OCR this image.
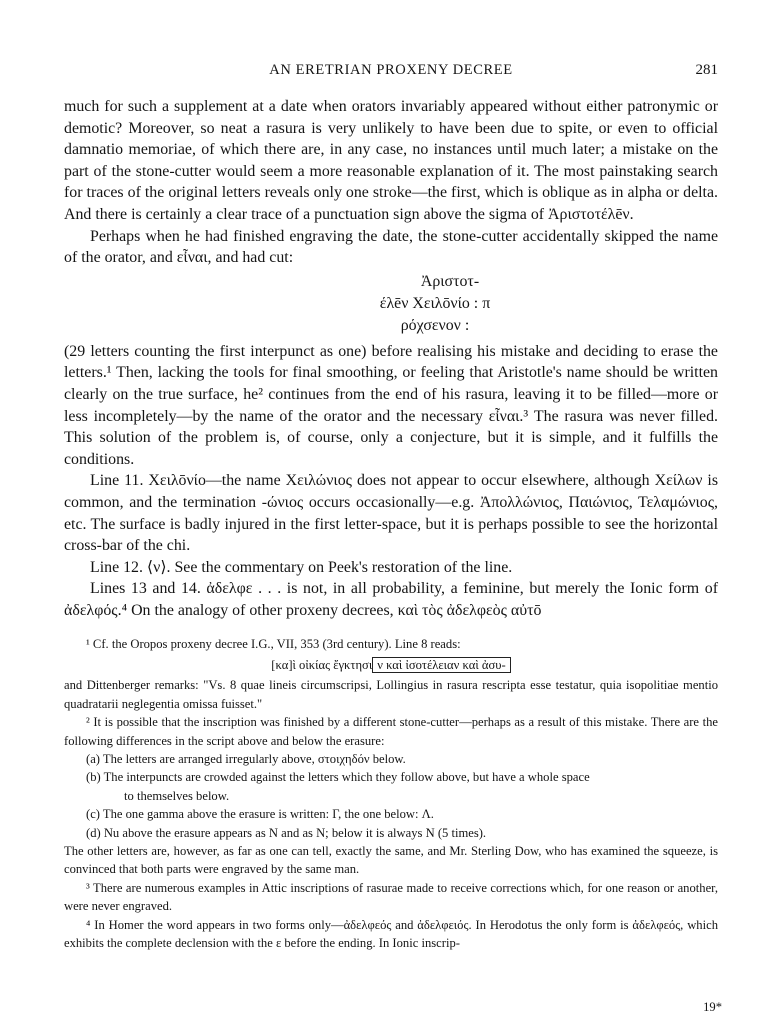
AN ERETRIAN PROXENY DECREE	281

much for such a supplement at a date when orators invariably appeared without either patronymic or demotic? Moreover, so neat a rasura is very unlikely to have been due to spite, or even to official damnatio memoriae, of which there are, in any case, no instances until much later; a mistake on the part of the stone-cutter would seem a more reasonable explanation of it. The most painstaking search for traces of the original letters reveals only one stroke—the first, which is oblique as in alpha or delta. And there is certainly a clear trace of a punctuation sign above the sigma of Ἀριστοτέλēν.

Perhaps when he had finished engraving the date, the stone-cutter accidentally skipped the name of the orator, and εἶναι, and had cut:

Ἀριστοτ-
έλēν Χειλōνίο : π
ρόχσενον :

(29 letters counting the first interpunct as one) before realising his mistake and deciding to erase the letters.¹ Then, lacking the tools for final smoothing, or feeling that Aristotle's name should be written clearly on the true surface, he² continues from the end of his rasura, leaving it to be filled—more or less incompletely—by the name of the orator and the necessary εἶναι.³ The rasura was never filled. This solution of the problem is, of course, only a conjecture, but it is simple, and it fulfills the conditions.

Line 11. Χειλōνίο—the name Χειλώνιος does not appear to occur elsewhere, although Χείλων is common, and the termination -ώνιος occurs occasionally—e.g. Ἀπολλώνιος, Παιώνιος, Τελαμώνιος, etc. The surface is badly injured in the first letter-space, but it is perhaps possible to see the horizontal cross-bar of the chi.

Line 12. ⟨ν⟩. See the commentary on Peek's restoration of the line.

Lines 13 and 14. ἀδελφε . . . is not, in all probability, a feminine, but merely the Ionic form of ἀδελφός.⁴ On the analogy of other proxeny decrees, καὶ τὸς ἀδελφεὸς αὐτō

¹ Cf. the Oropos proxeny decree I.G., VII, 353 (3rd century). Line 8 reads:

[κα]ὶ οἰκίας ἔγκτησι ν καὶ ἰσοτέλειαν καὶ ἀσυ-

and Dittenberger remarks: "Vs. 8 quae lineis circumscripsi, Lollingius in rasura rescripta esse testatur, quia isopolitiae mentio quadratarii neglegentia omissa fuisset."

² It is possible that the inscription was finished by a different stone-cutter—perhaps as a result of this mistake. There are the following differences in the script above and below the erasure:

(a) The letters are arranged irregularly above, στοιχηδόν below.
(b) The interpuncts are crowded against the letters which they follow above, but have a whole space
to themselves below.
(c) The one gamma above the erasure is written: Γ, the one below: Λ.
(d) Nu above the erasure appears as N and as N; below it is always N (5 times).

The other letters are, however, as far as one can tell, exactly the same, and Mr. Sterling Dow, who has examined the squeeze, is convinced that both parts were engraved by the same man.

³ There are numerous examples in Attic inscriptions of rasurae made to receive corrections which, for one reason or another, were never engraved.

⁴ In Homer the word appears in two forms only—ἀδελφεός and ἀδελφειός. In Herodotus the only form is ἀδελφεός, which exhibits the complete declension with the ε before the ending. In Ionic inscrip-

19*
